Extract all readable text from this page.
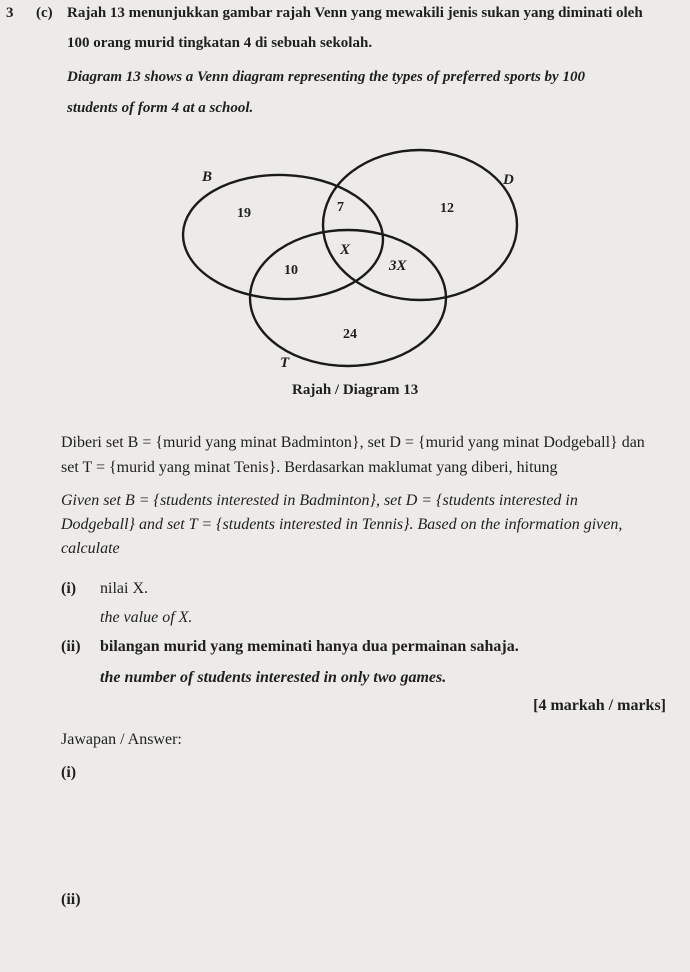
3 (c) Rajah 13 menunjukkan gambar rajah Venn yang mewakili jenis sukan yang diminati oleh
100 orang murid tingkatan 4 di sebuah sekolah.
Diagram 13 shows a Venn diagram representing the types of preferred sports by 100
students of form 4 at a school.
B	D
T
19	7	12
X
10	3X
24
Rajah / Diagram 13
Diberi set B = {murid yang minat Badminton}, set D = {murid yang minat Dodgeball} dan
set T = {murid yang minat Tenis}. Berdasarkan maklumat yang diberi, hitung
Given set B = {students interested in Badminton}, set D = {students interested in
Dodgeball} and set T = {students interested in Tennis}. Based on the information given,
calculate
(i) nilai X.
the value of X.
(ii) bilangan murid yang meminati hanya dua permainan sahaja.
the number of students interested in only two games.
[4 markah / marks]
Jawapan / Answer:
(i)
(ii)
